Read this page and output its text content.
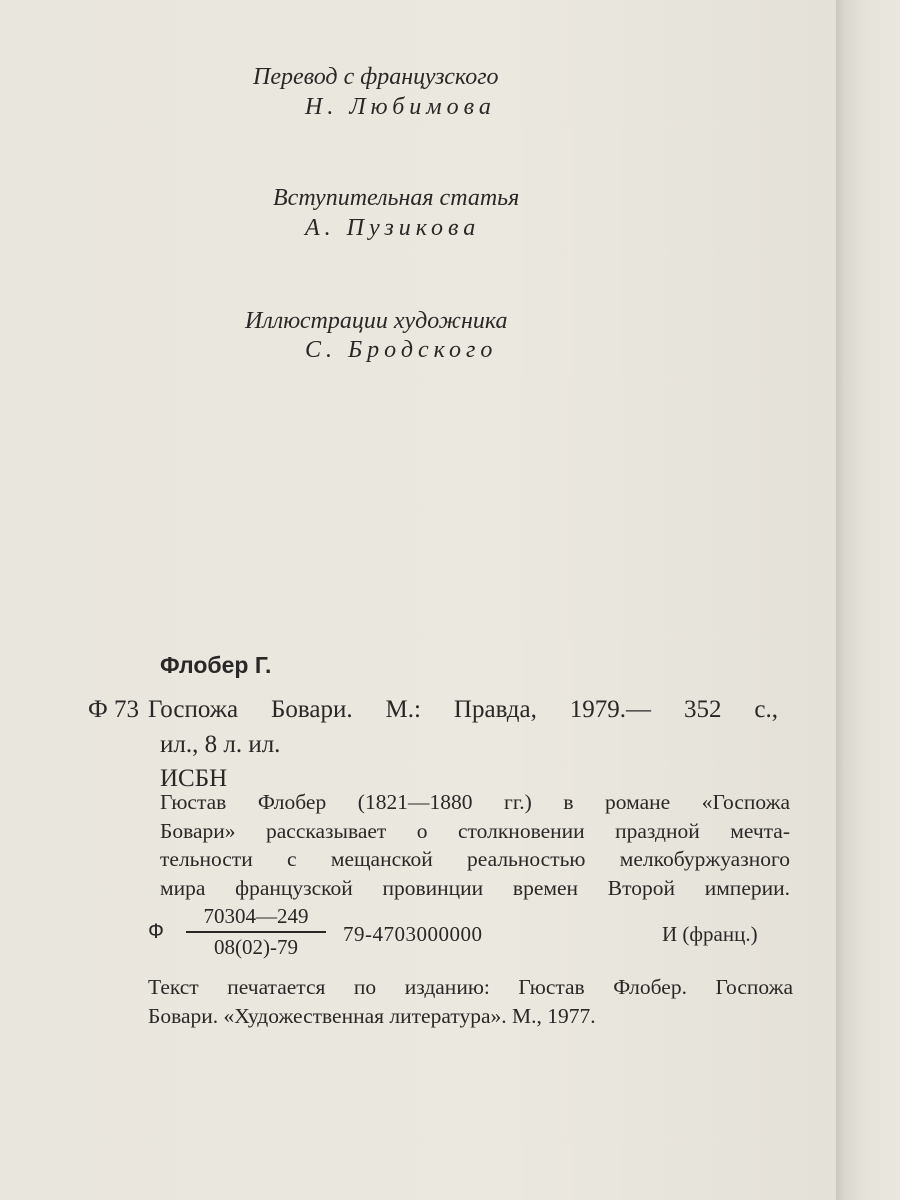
Перевод с французского
Н. Любимова
Вступительная статья
А. Пузикова
Иллюстрации художника
С. Бродского
Флобер Г.
Ф 73 Госпожа Бовари. М.: Правда, 1979.— 352 с.,
ил., 8 л. ил.
ИСБН
Гюстав Флобер (1821—1880 гг.) в романе «Госпожа
Бовари» рассказывает о столкновении праздной мечта-
тельности с мещанской реальностью мелкобуржуазного
мира французской провинции времен Второй империи.
Ф
70304—249
08(02)-79
79-4703000000	И (франц.)
Текст печатается по изданию: Гюстав Флобер. Госпожа
Бовари. «Художественная литература». М., 1977.
